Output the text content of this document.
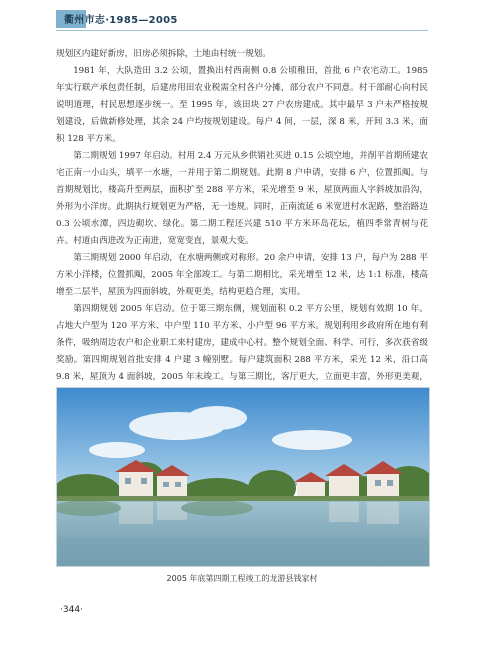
衢州市志·1985—2005

规划区内建好新房，旧房必须拆除，土地由村统一规划。

1981 年，大队造田 3.2 公顷，置换出村西南侧 0.8 公顷稚田，首批 6 户农宅动工。1985 年实行联产承包责任制，后建房用田农业税需全村各户分摊，部分农户不同意。村干部耐心向村民说明道理，村民思想逐步统一。至 1995 年，该田块 27 户农房建成。其中最早 3 户未严格按规划建设，后做新修处理，其余 24 户均按规划建设。每户 4 间，一层，深 8 米，开间 3.3 米，面积 128 平方米。

第二期规划 1997 年启动。村用 2.4 万元从乡供销社买进 0.15 公顷空地，并削平首期所建农宅正南一小山头，填平一水塘，一并用于第二期规划。此期 8 户申请，安排 6 户，位置抓阄。与首期规划比，楼高升至两层，面积扩至 288 平方米，采光增至 9 米，屋顶两面人字斜坡加沿沟，外形为小洋房。此期执行规划更为严格，无一违规。同时，正南流延 6 米宽进村水泥路，整治路边 0.3 公顷水潭，四边砌坎、绿化。第二期工程还兴建 510 平方米环岛花坛，植四季常青树与花卉。村道由西进改为正南进，宽宽变直，景观大变。

第三期规划 2000 年启动，在水塘两侧或对称形。20 余户申请，安排 13 户，每户为 288 平方米小洋楼，位置抓阄，2005 年全部竣工。与第二期相比，采光增至 12 米，达 1:1 标准，楼高增至二层半，屋顶为四面斜坡，外观更美，结构更趋合理，实用。

第四期规划 2005 年启动。位于第三期东侧，规划面积 0.2 平方公里，规划有效期 10 年。占地大户型为 120 平方米、中户型 110 平方米、小户型 96 平方米。规划利用乡政府所在地有利条件，吸纳周边农户和企业职工来村建房，建成中心村。整个规划全面、科学、可行，多次获省级奖励。第四期规划首批安排 4 户建 3 幢别墅。每户建筑面积 288 平方米，采光 12 米，沿口高 9.8 米，屋顶为 4 面斜坡，2005 年末竣工。与第三期比，客厅更大，立面更丰富，外形更美观，

2005 年底第四期工程竣工的龙游县钱家村
·344·
